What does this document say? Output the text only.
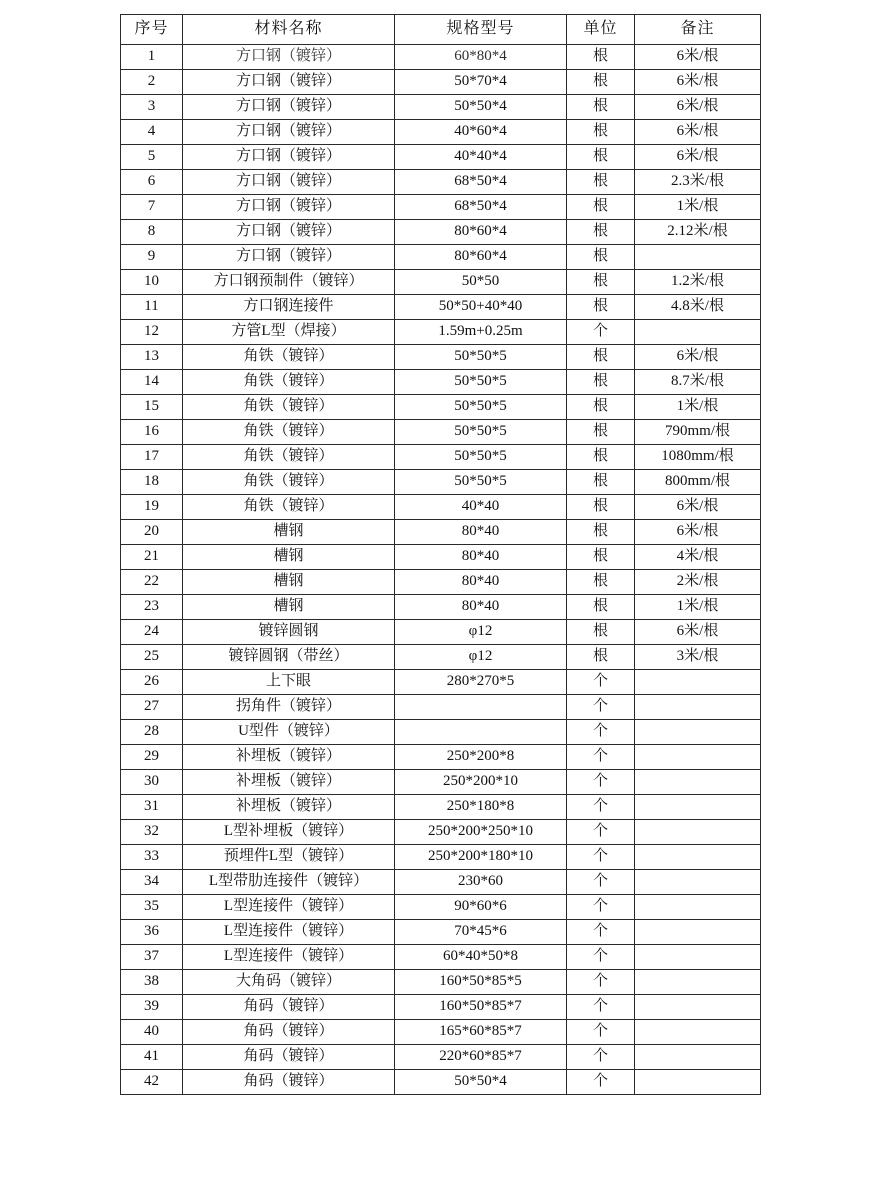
序号	材料名称	规格型号	单位	备注
1	方口钢（镀锌）	60*80*4	根	6米/根
2	方口钢（镀锌）	50*70*4	根	6米/根
3	方口钢（镀锌）	50*50*4	根	6米/根
4	方口钢（镀锌）	40*60*4	根	6米/根
5	方口钢（镀锌）	40*40*4	根	6米/根
6	方口钢（镀锌）	68*50*4	根	2.3米/根
7	方口钢（镀锌）	68*50*4	根	1米/根
8	方口钢（镀锌）	80*60*4	根	2.12米/根
9	方口钢（镀锌）	80*60*4	根	
10	方口钢预制件（镀锌）	50*50	根	1.2米/根
11	方口钢连接件	50*50+40*40	根	4.8米/根
12	方管L型（焊接）	1.59m+0.25m	个	
13	角铁（镀锌）	50*50*5	根	6米/根
14	角铁（镀锌）	50*50*5	根	8.7米/根
15	角铁（镀锌）	50*50*5	根	1米/根
16	角铁（镀锌）	50*50*5	根	790mm/根
17	角铁（镀锌）	50*50*5	根	1080mm/根
18	角铁（镀锌）	50*50*5	根	800mm/根
19	角铁（镀锌）	40*40	根	6米/根
20	槽钢	80*40	根	6米/根
21	槽钢	80*40	根	4米/根
22	槽钢	80*40	根	2米/根
23	槽钢	80*40	根	1米/根
24	镀锌圆钢	φ12	根	6米/根
25	镀锌圆钢（带丝）	φ12	根	3米/根
26	上下眼	280*270*5	个	
27	拐角件（镀锌）		个	
28	U型件（镀锌）		个	
29	补埋板（镀锌）	250*200*8	个	
30	补埋板（镀锌）	250*200*10	个	
31	补埋板（镀锌）	250*180*8	个	
32	L型补埋板（镀锌）	250*200*250*10	个	
33	预埋件L型（镀锌）	250*200*180*10	个	
34	L型带肋连接件（镀锌）	230*60	个	
35	L型连接件（镀锌）	90*60*6	个	
36	L型连接件（镀锌）	70*45*6	个	
37	L型连接件（镀锌）	60*40*50*8	个	
38	大角码（镀锌）	160*50*85*5	个	
39	角码（镀锌）	160*50*85*7	个	
40	角码（镀锌）	165*60*85*7	个	
41	角码（镀锌）	220*60*85*7	个	
42	角码（镀锌）	50*50*4	个	
